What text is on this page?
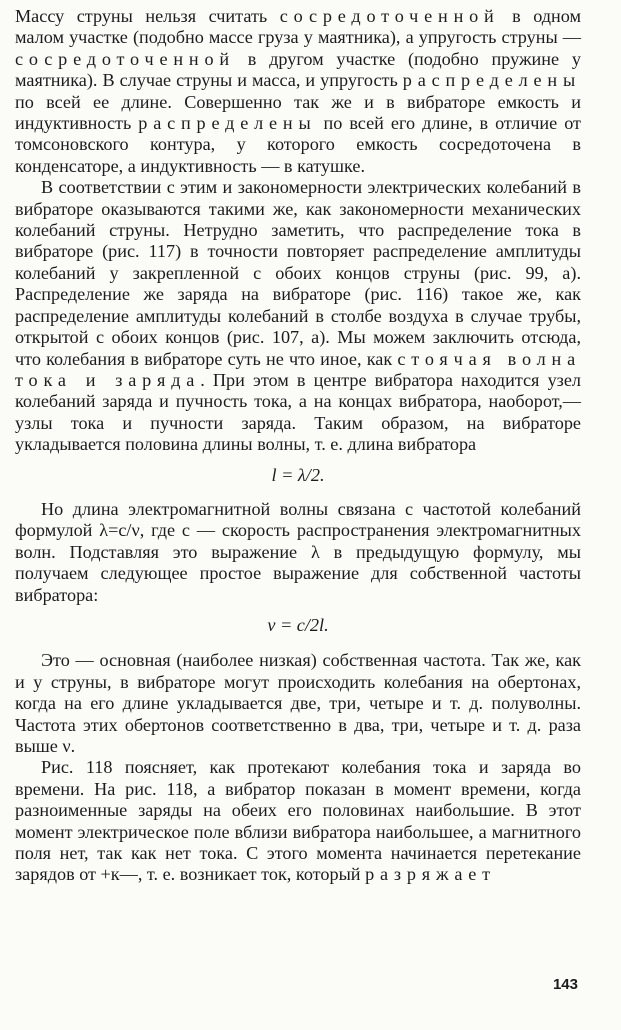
Массу струны нельзя считать сосредоточенной в одном малом участке (подобно массе груза у маятника), а упругость струны — сосредоточенной в другом участке (подобно пружине у маятника). В случае струны и масса, и упругость распределены по всей ее длине. Совершенно так же и в вибраторе емкость и индуктивность распределены по всей его длине, в отличие от томсоновского контура, у которого емкость сосредоточена в конденсаторе, а индуктивность — в катушке.

В соответствии с этим и закономерности электрических колебаний в вибраторе оказываются такими же, как закономерности механических колебаний струны. Нетрудно заметить, что распределение тока в вибраторе (рис. 117) в точности повторяет распределение амплитуды колебаний у закрепленной с обоих концов струны (рис. 99, а). Распределение же заряда на вибраторе (рис. 116) такое же, как распределение амплитуды колебаний в столбе воздуха в случае трубы, открытой с обоих концов (рис. 107, а). Мы можем заключить отсюда, что колебания в вибраторе суть не что иное, как стоячая волна тока и заряда. При этом в центре вибратора находится узел колебаний заряда и пучность тока, а на концах вибратора, наоборот,— узлы тока и пучности заряда. Таким образом, на вибраторе укладывается половина длины волны, т. е. длина вибратора

l = λ/2.

Но длина электромагнитной волны связана с частотой колебаний формулой λ=c/ν, где c — скорость распространения электромагнитных волн. Подставляя это выражение λ в предыдущую формулу, мы получаем следующее простое выражение для собственной частоты вибратора:

ν = c/2l.

Это — основная (наиболее низкая) собственная частота. Так же, как и у струны, в вибраторе могут происходить колебания на обертонах, когда на его длине укладывается две, три, четыре и т. д. полуволны. Частота этих обертонов соответственно в два, три, четыре и т. д. раза выше ν.

Рис. 118 поясняет, как протекают колебания тока и заряда во времени. На рис. 118, а вибратор показан в момент времени, когда разноименные заряды на обеих его половинах наибольшие. В этот момент электрическое поле вблизи вибратора наибольшее, а магнитного поля нет, так как нет тока. С этого момента начинается перетекание зарядов от +к—, т. е. возникает ток, который разряжает

143
